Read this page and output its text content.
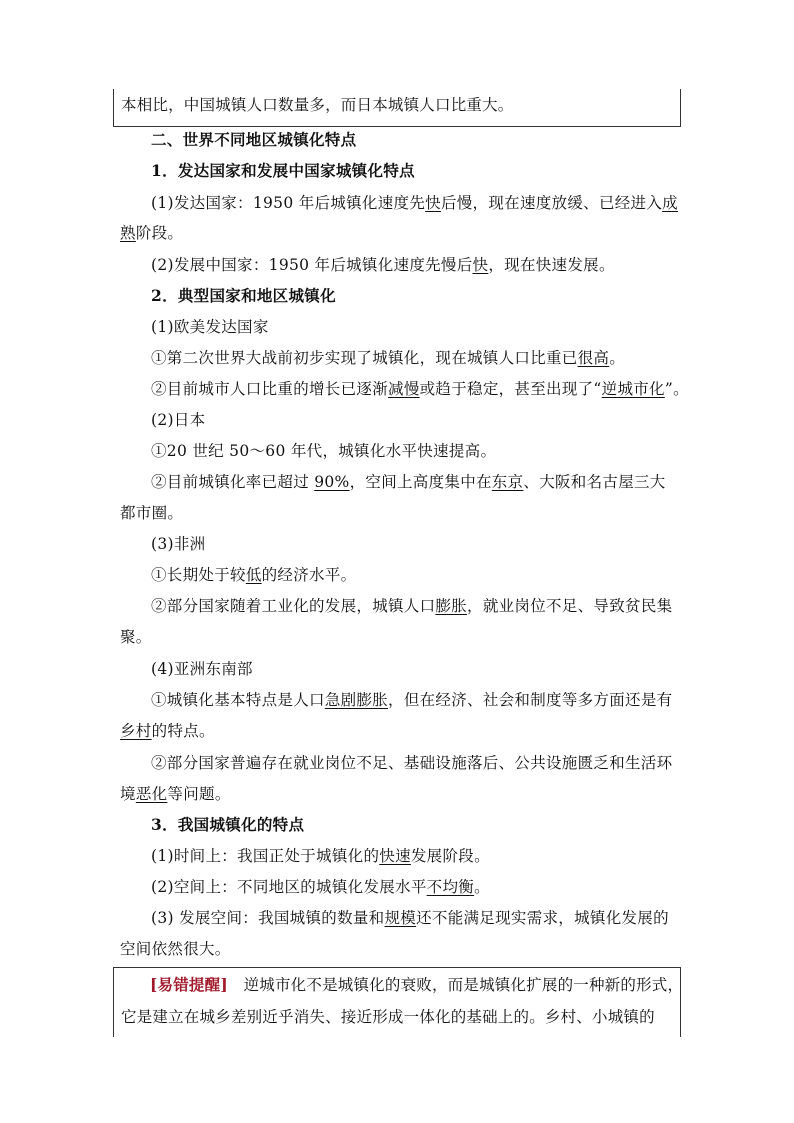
本相比，中国城镇人口数量多，而日本城镇人口比重大。
二、世界不同地区城镇化特点
1．发达国家和发展中国家城镇化特点
(1)发达国家：1950 年后城镇化速度先快后慢，现在速度放缓、已经进入成
熟阶段。
(2)发展中国家：1950 年后城镇化速度先慢后快，现在快速发展。
2．典型国家和地区城镇化
(1)欧美发达国家
①第二次世界大战前初步实现了城镇化，现在城镇人口比重已很高。
②目前城市人口比重的增长已逐渐减慢或趋于稳定，甚至出现了“逆城市化”。
(2)日本
①20 世纪 50～60 年代，城镇化水平快速提高。
②目前城镇化率已超过 90%，空间上高度集中在东京、大阪和名古屋三大
都市圈。
(3)非洲
①长期处于较低的经济水平。
②部分国家随着工业化的发展，城镇人口膨胀，就业岗位不足、导致贫民集
聚。
(4)亚洲东南部
①城镇化基本特点是人口急剧膨胀，但在经济、社会和制度等多方面还是有
乡村的特点。
②部分国家普遍存在就业岗位不足、基础设施落后、公共设施匮乏和生活环
境恶化等问题。
3．我国城镇化的特点
(1)时间上：我国正处于城镇化的快速发展阶段。
(2)空间上：不同地区的城镇化发展水平不均衡。
(3) 发展空间：我国城镇的数量和规模还不能满足现实需求，城镇化发展的
空间依然很大。
[易错提醒]　逆城市化不是城镇化的衰败，而是城镇化扩展的一种新的形式，
它是建立在城乡差别近乎消失、接近形成一体化的基础上的。乡村、小城镇的
